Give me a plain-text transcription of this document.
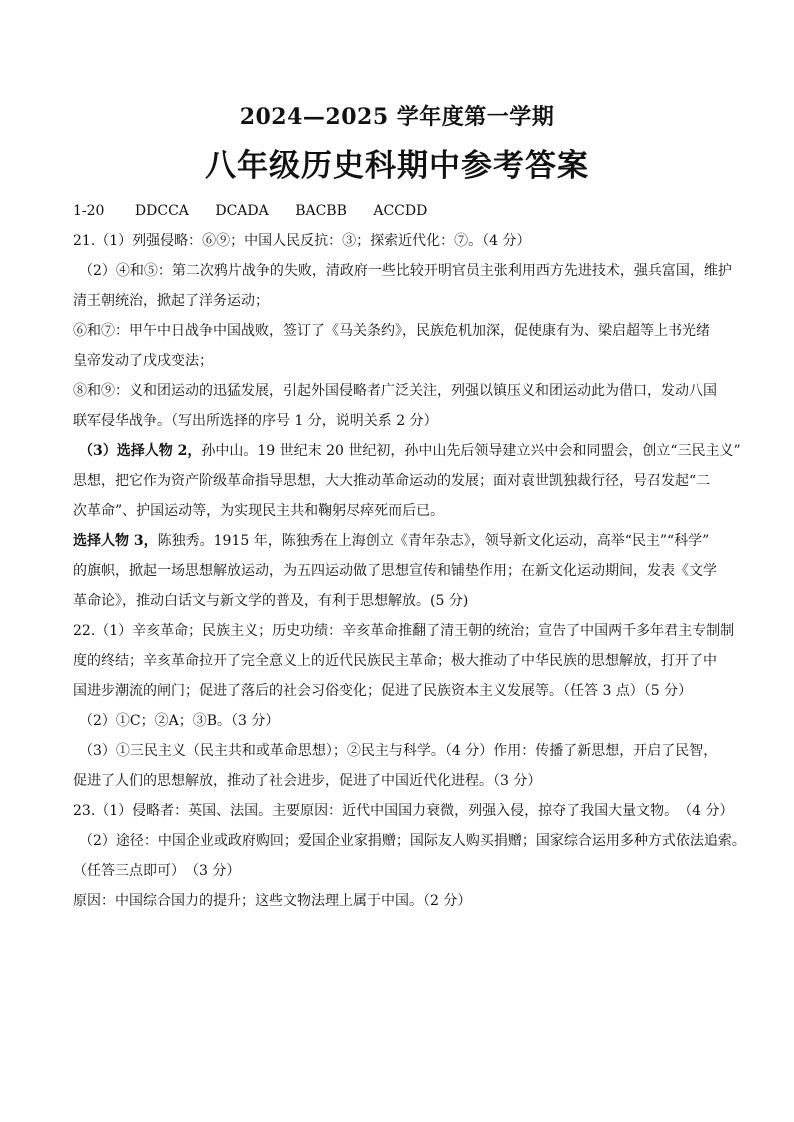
2024—2025 学年度第一学期
八年级历史科期中参考答案
1-20 DDCCA DCADA BACBB ACCDD
21.（1）列强侵略：⑥⑨；中国人民反抗：③；探索近代化：⑦。（4 分）
（2）④和⑤：第二次鸦片战争的失败，清政府一些比较开明官员主张利用西方先进技术，强兵富国，维护
清王朝统治，掀起了洋务运动；
⑥和⑦：甲午中日战争中国战败，签订了《马关条约》，民族危机加深，促使康有为、梁启超等上书光绪
皇帝发动了戊戌变法；
⑧和⑨：义和团运动的迅猛发展，引起外国侵略者广泛关注，列强以镇压义和团运动此为借口，发动八国
联军侵华战争。（写出所选择的序号 1 分，说明关系 2 分）
（3）选择人物 2，孙中山。19 世纪末 20 世纪初，孙中山先后领导建立兴中会和同盟会，创立“三民主义”
思想，把它作为资产阶级革命指导思想，大大推动革命运动的发展；面对袁世凯独裁行径，号召发起“二
次革命”、护国运动等，为实现民主共和鞠躬尽瘁死而后已。
选择人物 3，陈独秀。1915 年，陈独秀在上海创立《青年杂志》，领导新文化运动，高举“民主”“科学”
的旗帜，掀起一场思想解放运动，为五四运动做了思想宣传和铺垫作用；在新文化运动期间，发表《文学
革命论》，推动白话文与新文学的普及，有利于思想解放。(5 分)
22.（1）辛亥革命；民族主义；历史功绩：辛亥革命推翻了清王朝的统治；宣告了中国两千多年君主专制制
度的终结；辛亥革命拉开了完全意义上的近代民族民主革命；极大推动了中华民族的思想解放，打开了中
国进步潮流的闸门；促进了落后的社会习俗变化；促进了民族资本主义发展等。（任答 3 点）（5 分）
（2）①C；②A；③B。（3 分）
（3）①三民主义（民主共和或革命思想）；②民主与科学。（4 分）作用：传播了新思想，开启了民智，
促进了人们的思想解放，推动了社会进步，促进了中国近代化进程。（3 分）
23.（1）侵略者：英国、法国。主要原因：近代中国国力衰微，列强入侵，掠夺了我国大量文物。　（4 分）
（2）途径：中国企业或政府购回；爱国企业家捐赠；国际友人购买捐赠；国家综合运用多种方式依法追索。
（任答三点即可）　（3 分）
原因：中国综合国力的提升；这些文物法理上属于中国。（2 分）
